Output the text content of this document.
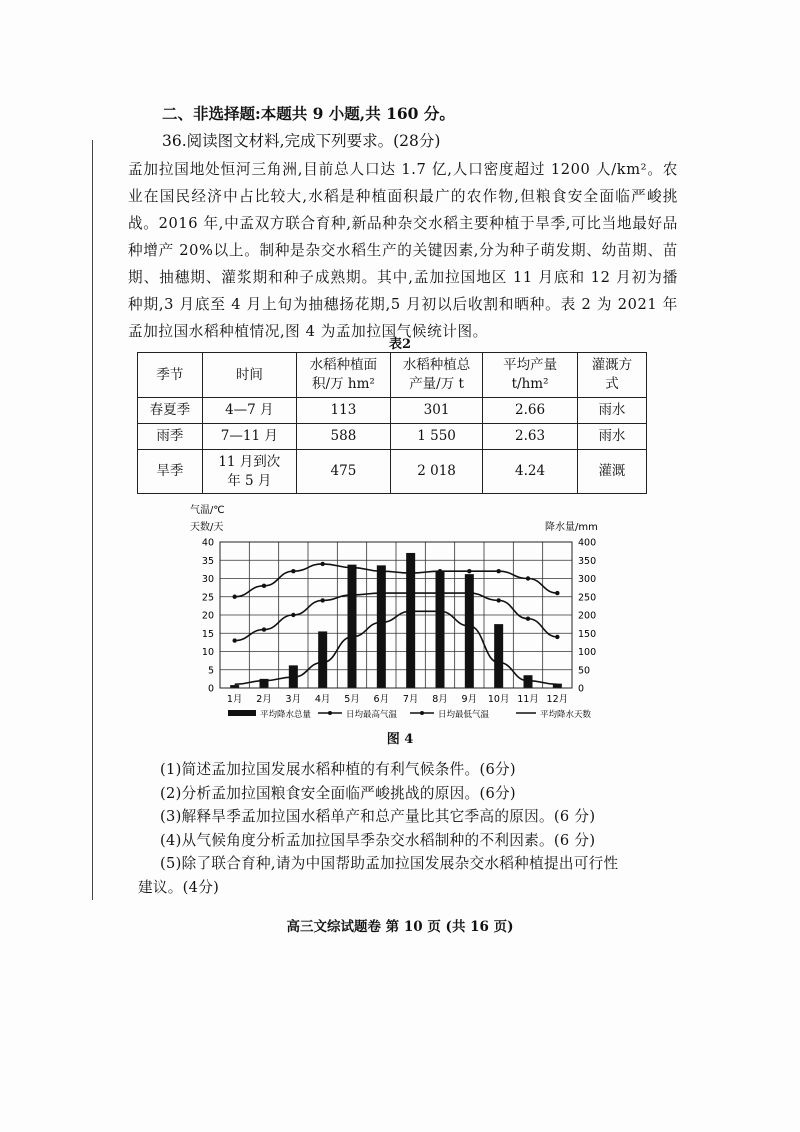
二、非选择题:本题共 9 小题,共 160 分。
36.阅读图文材料,完成下列要求。(28分)
孟加拉国地处恒河三角洲,目前总人口达 1.7 亿,人口密度超过 1200 人/km²。农业在国民经济中占比较大,水稻是种植面积最广的农作物,但粮食安全面临严峻挑战。2016 年,中孟双方联合育种,新品种杂交水稻主要种植于旱季,可比当地最好品种增产 20%以上。制种是杂交水稻生产的关键因素,分为种子萌发期、幼苗期、苗期、抽穗期、灌浆期和种子成熟期。其中,孟加拉国地区 11 月底和 12 月初为播种期,3 月底至 4 月上旬为抽穗扬花期,5 月初以后收割和晒种。表 2 为 2021 年孟加拉国水稻种植情况,图 4 为孟加拉国气候统计图。
表2
季节	时间	水稻种植面积/万 hm²	水稻种植总产量/万 t	平均产量 t/hm²	灌溉方式
春夏季	4—7 月	113	301	2.66	雨水
雨季	7—11 月	588	1 550	2.63	雨水
旱季	11 月到次年 5 月	475	2 018	4.24	灌溉
气温/℃
天数/天	降水量/mm
0
5
10
15
20
25
30
35
40
0
50
100
150
200
250
300
350
400
1月 2月 3月 4月 5月 6月 7月 8月 9月 10月 11月 12月
平均降水总量	日均最高气温	日均最低气温	平均降水天数
图 4
(1)简述孟加拉国发展水稻种植的有利气候条件。(6分)
(2)分析孟加拉国粮食安全面临严峻挑战的原因。(6分)
(3)解释旱季孟加拉国水稻单产和总产量比其它季高的原因。(6 分)
(4)从气候角度分析孟加拉国旱季杂交水稻制种的不利因素。(6 分)
(5)除了联合育种,请为中国帮助孟加拉国发展杂交水稻种植提出可行性
建议。(4分)
高三文综试题卷 第 10 页 (共 16 页)
